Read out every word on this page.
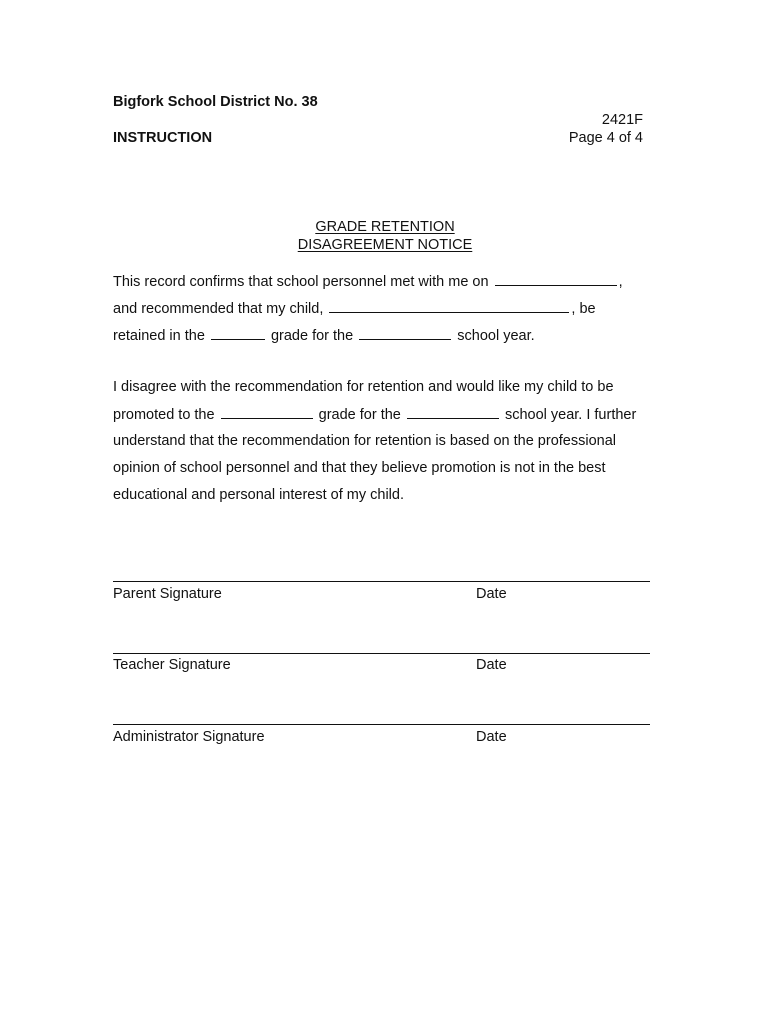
Bigfork School District No. 38
INSTRUCTION
2421F
Page 4 of 4
GRADE RETENTION
DISAGREEMENT NOTICE
This record confirms that school personnel met with me on	,
and recommended that my child,	, be
retained in the	grade for the	school year.
I disagree with the recommendation for retention and would like my child to be
promoted to the	grade for the	school year. I further
understand that the recommendation for retention is based on the professional
opinion of school personnel and that they believe promotion is not in the best
educational and personal interest of my child.
Parent Signature	Date
Teacher Signature	Date
Administrator Signature	Date
